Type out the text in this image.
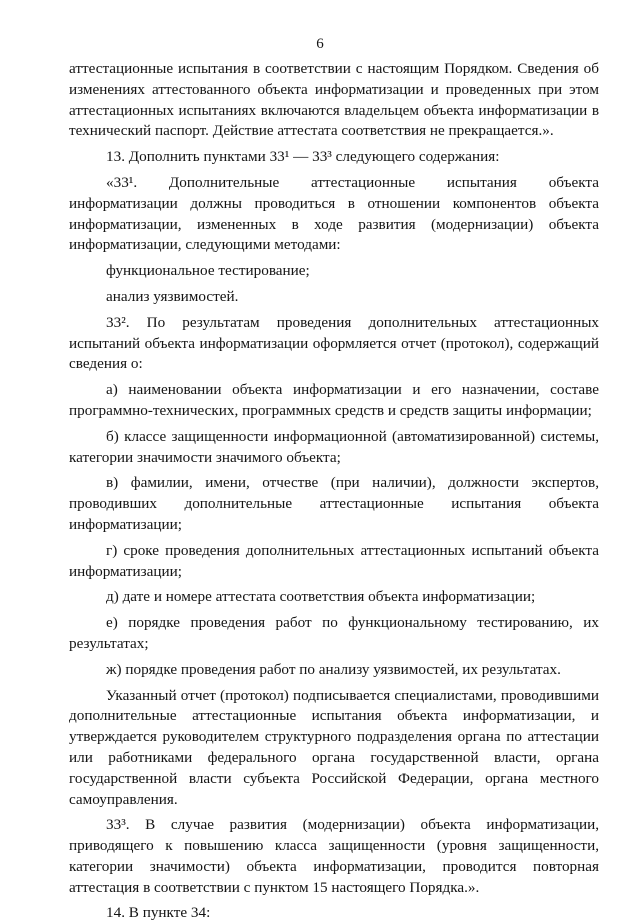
6

аттестационные испытания в соответствии с настоящим Порядком. Сведения об изменениях аттестованного объекта информатизации и проведенных при этом аттестационных испытаниях включаются владельцем объекта информатизации в технический паспорт. Действие аттестата соответствия не прекращается.».

13. Дополнить пунктами 33¹ — 33³ следующего содержания:

«33¹. Дополнительные аттестационные испытания объекта информатизации должны проводиться в отношении компонентов объекта информатизации, измененных в ходе развития (модернизации) объекта информатизации, следующими методами:

функциональное тестирование;

анализ уязвимостей.

33². По результатам проведения дополнительных аттестационных испытаний объекта информатизации оформляется отчет (протокол), содержащий сведения о:

а) наименовании объекта информатизации и его назначении, составе программно-технических, программных средств и средств защиты информации;

б) классе защищенности информационной (автоматизированной) системы, категории значимости значимого объекта;

в) фамилии, имени, отчестве (при наличии), должности экспертов, проводивших дополнительные аттестационные испытания объекта информатизации;

г) сроке проведения дополнительных аттестационных испытаний объекта информатизации;

д) дате и номере аттестата соответствия объекта информатизации;

е) порядке проведения работ по функциональному тестированию, их результатах;

ж) порядке проведения работ по анализу уязвимостей, их результатах.

Указанный отчет (протокол) подписывается специалистами, проводившими дополнительные аттестационные испытания объекта информатизации, и утверждается руководителем структурного подразделения органа по аттестации или работниками федерального органа государственной власти, органа государственной власти субъекта Российской Федерации, органа местного самоуправления.

33³. В случае развития (модернизации) объекта информатизации, приводящего к повышению класса защищенности (уровня защищенности, категории значимости) объекта информатизации, проводится повторная аттестация в соответствии с пунктом 15 настоящего Порядка.».

14. В пункте 34:
